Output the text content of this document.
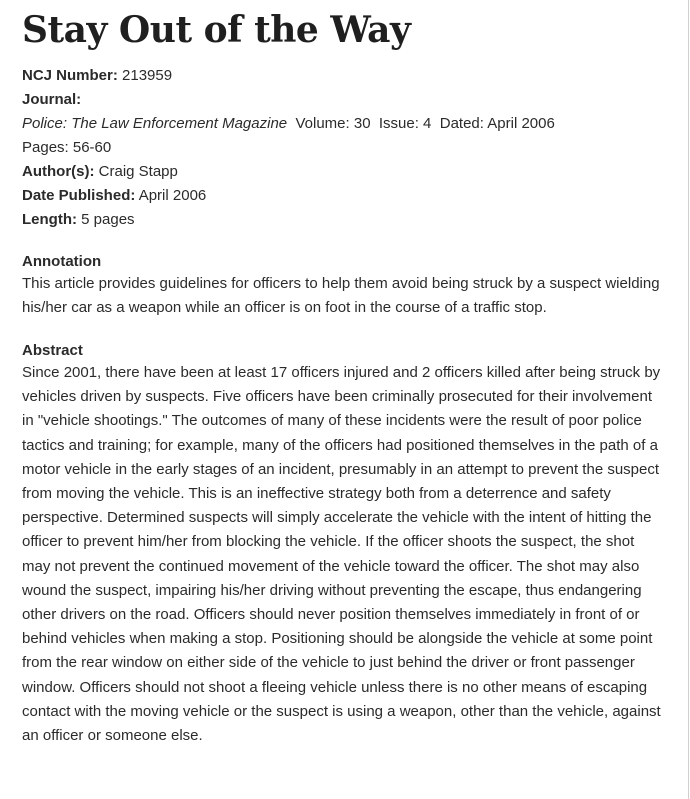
Stay Out of the Way
NCJ Number: 213959
Journal:
Police: The Law Enforcement Magazine Volume: 30  Issue: 4  Dated: April 2006
Pages: 56-60
Author(s): Craig Stapp
Date Published: April 2006
Length: 5 pages
Annotation

This article provides guidelines for officers to help them avoid being struck by a suspect wielding his/her car as a weapon while an officer is on foot in the course of a traffic stop.

Abstract

Since 2001, there have been at least 17 officers injured and 2 officers killed after being struck by vehicles driven by suspects. Five officers have been criminally prosecuted for their involvement in "vehicle shootings." The outcomes of many of these incidents were the result of poor police tactics and training; for example, many of the officers had positioned themselves in the path of a motor vehicle in the early stages of an incident, presumably in an attempt to prevent the suspect from moving the vehicle. This is an ineffective strategy both from a deterrence and safety perspective. Determined suspects will simply accelerate the vehicle with the intent of hitting the officer to prevent him/her from blocking the vehicle. If the officer shoots the suspect, the shot may not prevent the continued movement of the vehicle toward the officer. The shot may also wound the suspect, impairing his/her driving without preventing the escape, thus endangering other drivers on the road. Officers should never position themselves immediately in front of or behind vehicles when making a stop. Positioning should be alongside the vehicle at some point from the rear window on either side of the vehicle to just behind the driver or front passenger window. Officers should not shoot a fleeing vehicle unless there is no other means of escaping contact with the moving vehicle or the suspect is using a weapon, other than the vehicle, against an officer or someone else.
